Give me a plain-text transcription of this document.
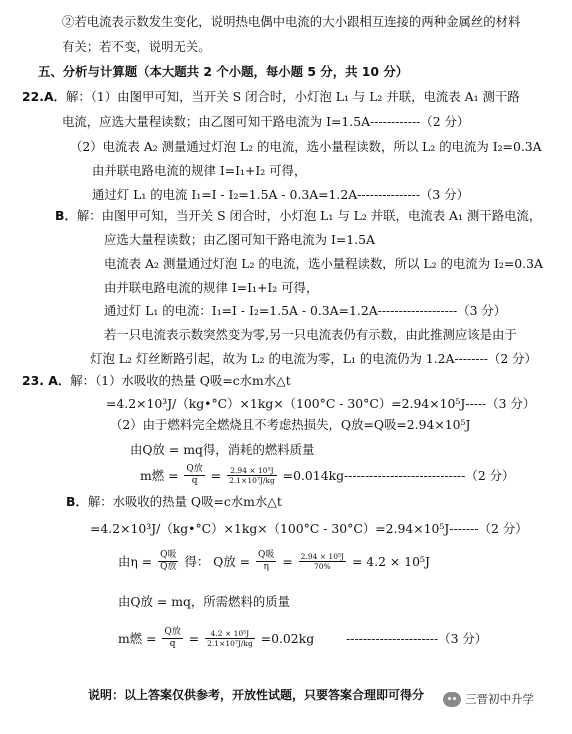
②若电流表示数发生变化，说明热电偶中电流的大小跟相互连接的两种金属丝的材料
有关；若不变，说明无关。
五、分析与计算题（本大题共 2 个小题，每小题 5 分，共 10 分）
22.A．解：（1）由图甲可知，当开关 S 闭合时，小灯泡 L₁ 与 L₂ 并联，电流表 A₁ 测干路
电流，应选大量程读数；由乙图可知干路电流为 I=1.5A------------（2 分）
（2）电流表 A₂ 测量通过灯泡 L₂ 的电流，选小量程读数，所以 L₂ 的电流为 I₂=0.3A
由并联电路电流的规律 I=I₁+I₂ 可得，
通过灯 L₁ 的电流 I₁=I - I₂=1.5A - 0.3A=1.2A---------------（3 分）
B．解：由图甲可知，当开关 S 闭合时，小灯泡 L₁ 与 L₂ 并联，电流表 A₁ 测干路电流，
应选大量程读数；由乙图可知干路电流为 I=1.5A
电流表 A₂ 测量通过灯泡 L₂ 的电流，选小量程读数，所以 L₂ 的电流为 I₂=0.3A
由并联电路电流的规律 I=I₁+I₂ 可得，
通过灯 L₁ 的电流：I₁=I - I₂=1.5A - 0.3A=1.2A-------------------（3 分）
若一只电流表示数突然变为零,另一只电流表仍有示数，由此推测应该是由于
灯泡 L₂ 灯丝断路引起，故为 L₂ 的电流为零，L₁ 的电流仍为 1.2A--------（2 分）
23. A．解：（1）水吸收的热量 Q吸=c水m水△t
=4.2×10³J/（kg•°C）×1kg×（100°C - 30°C）=2.94×10⁵J-----（3 分）
（2）由于燃料完全燃烧且不考虑热损失，Q放=Q吸=2.94×10⁵J
由Q放 = mq得，消耗的燃料质量
m燃 = $\frac{\text{Q放}}{q} = \frac{\text{2.94 × 10⁵J}}{\text{2.1×10⁷J/kg}} =0.014kg-----------------------------(2$ 分）
B．解：水吸收的热量 Q吸=c水m水△t
=4.2×10³J/（kg•°C）×1kg×（100°C - 30°C）=2.94×10⁵J-------（2 分）
由$\eta = \frac{\text{Q吸}}{\text{Q放}}$ 得： Q放 = $\frac{\text{Q吸}}{\eta} = \frac{\text{2.94 × 10⁵J}}{70\%} = 4.2 \times 10^5J$
由Q放 = mq，所需燃料的质量
m燃 = $\frac{\text{Q放}}{q} = \frac{\text{4.2 × 10⁵J}}{\text{2.1×10⁷J/kg}} =0.02kg$	----------------------（3 分）
说明：以上答案仅供参考，开放性试题，只要答案合理即可得分	三晋初中升学
